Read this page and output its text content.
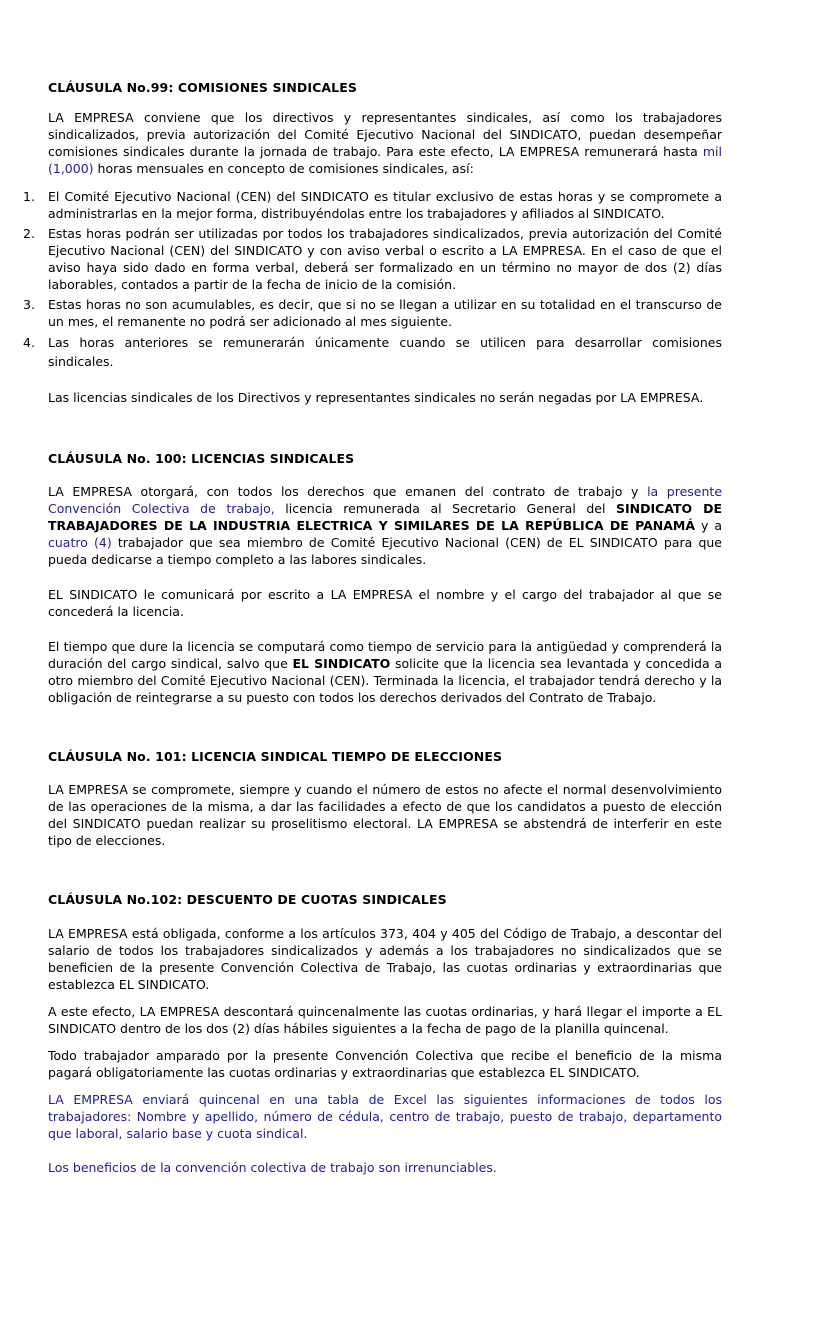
CLÁUSULA No.99: COMISIONES SINDICALES

LA EMPRESA conviene que los directivos y representantes sindicales, así como los trabajadores sindicalizados, previa autorización del Comité Ejecutivo Nacional del SINDICATO, puedan desempeñar comisiones sindicales durante la jornada de trabajo. Para este efecto, LA EMPRESA remunerará hasta mil (1,000) horas mensuales en concepto de comisiones sindicales, así:

1. El Comité Ejecutivo Nacional (CEN) del SINDICATO es titular exclusivo de estas horas y se compromete a administrarlas en la mejor forma, distribuyéndolas entre los trabajadores y afiliados al SINDICATO.
2. Estas horas podrán ser utilizadas por todos los trabajadores sindicalizados, previa autorización del Comité Ejecutivo Nacional (CEN) del SINDICATO y con aviso verbal o escrito a LA EMPRESA. En el caso de que el aviso haya sido dado en forma verbal, deberá ser formalizado en un término no mayor de dos (2) días laborables, contados a partir de la fecha de inicio de la comisión.
3. Estas horas no son acumulables, es decir, que si no se llegan a utilizar en su totalidad en el transcurso de un mes, el remanente no podrá ser adicionado al mes siguiente.
4. Las horas anteriores se remunerarán únicamente cuando se utilicen para desarrollar comisiones sindicales.

Las licencias sindicales de los Directivos y representantes sindicales no serán negadas por LA EMPRESA.

CLÁUSULA No. 100: LICENCIAS SINDICALES

LA EMPRESA otorgará, con todos los derechos que emanen del contrato de trabajo y la presente Convención Colectiva de trabajo, licencia remunerada al Secretario General del SINDICATO DE TRABAJADORES DE LA INDUSTRIA ELECTRICA Y SIMILARES DE LA REPÚBLICA DE PANAMÁ y a cuatro (4) trabajador que sea miembro de Comité Ejecutivo Nacional (CEN) de EL SINDICATO para que pueda dedicarse a tiempo completo a las labores sindicales.

EL SINDICATO le comunicará por escrito a LA EMPRESA el nombre y el cargo del trabajador al que se concederá la licencia.

El tiempo que dure la licencia se computará como tiempo de servicio para la antigüedad y comprenderá la duración del cargo sindical, salvo que EL SINDICATO solicite que la licencia sea levantada y concedida a otro miembro del Comité Ejecutivo Nacional (CEN). Terminada la licencia, el trabajador tendrá derecho y la obligación de reintegrarse a su puesto con todos los derechos derivados del Contrato de Trabajo.

CLÁUSULA No. 101: LICENCIA SINDICAL TIEMPO DE ELECCIONES

LA EMPRESA se compromete, siempre y cuando el número de estos no afecte el normal desenvolvimiento de las operaciones de la misma, a dar las facilidades a efecto de que los candidatos a puesto de elección del SINDICATO puedan realizar su proselitismo electoral. LA EMPRESA se abstendrá de interferir en este tipo de elecciones.

CLÁUSULA No.102: DESCUENTO DE CUOTAS SINDICALES

LA EMPRESA está obligada, conforme a los artículos 373, 404 y 405 del Código de Trabajo, a descontar del salario de todos los trabajadores sindicalizados y además a los trabajadores no sindicalizados que se beneficien de la presente Convención Colectiva de Trabajo, las cuotas ordinarias y extraordinarias que establezca EL SINDICATO.

A este efecto, LA EMPRESA descontará quincenalmente las cuotas ordinarias, y hará llegar el importe a EL SINDICATO dentro de los dos (2) días hábiles siguientes a la fecha de pago de la planilla quincenal.

Todo trabajador amparado por la presente Convención Colectiva que recibe el beneficio de la misma pagará obligatoriamente las cuotas ordinarias y extraordinarias que establezca EL SINDICATO.

LA EMPRESA enviará quincenal en una tabla de Excel las siguientes informaciones de todos los trabajadores: Nombre y apellido, número de cédula, centro de trabajo, puesto de trabajo, departamento que laboral, salario base y cuota sindical.

Los beneficios de la convención colectiva de trabajo son irrenunciables.
